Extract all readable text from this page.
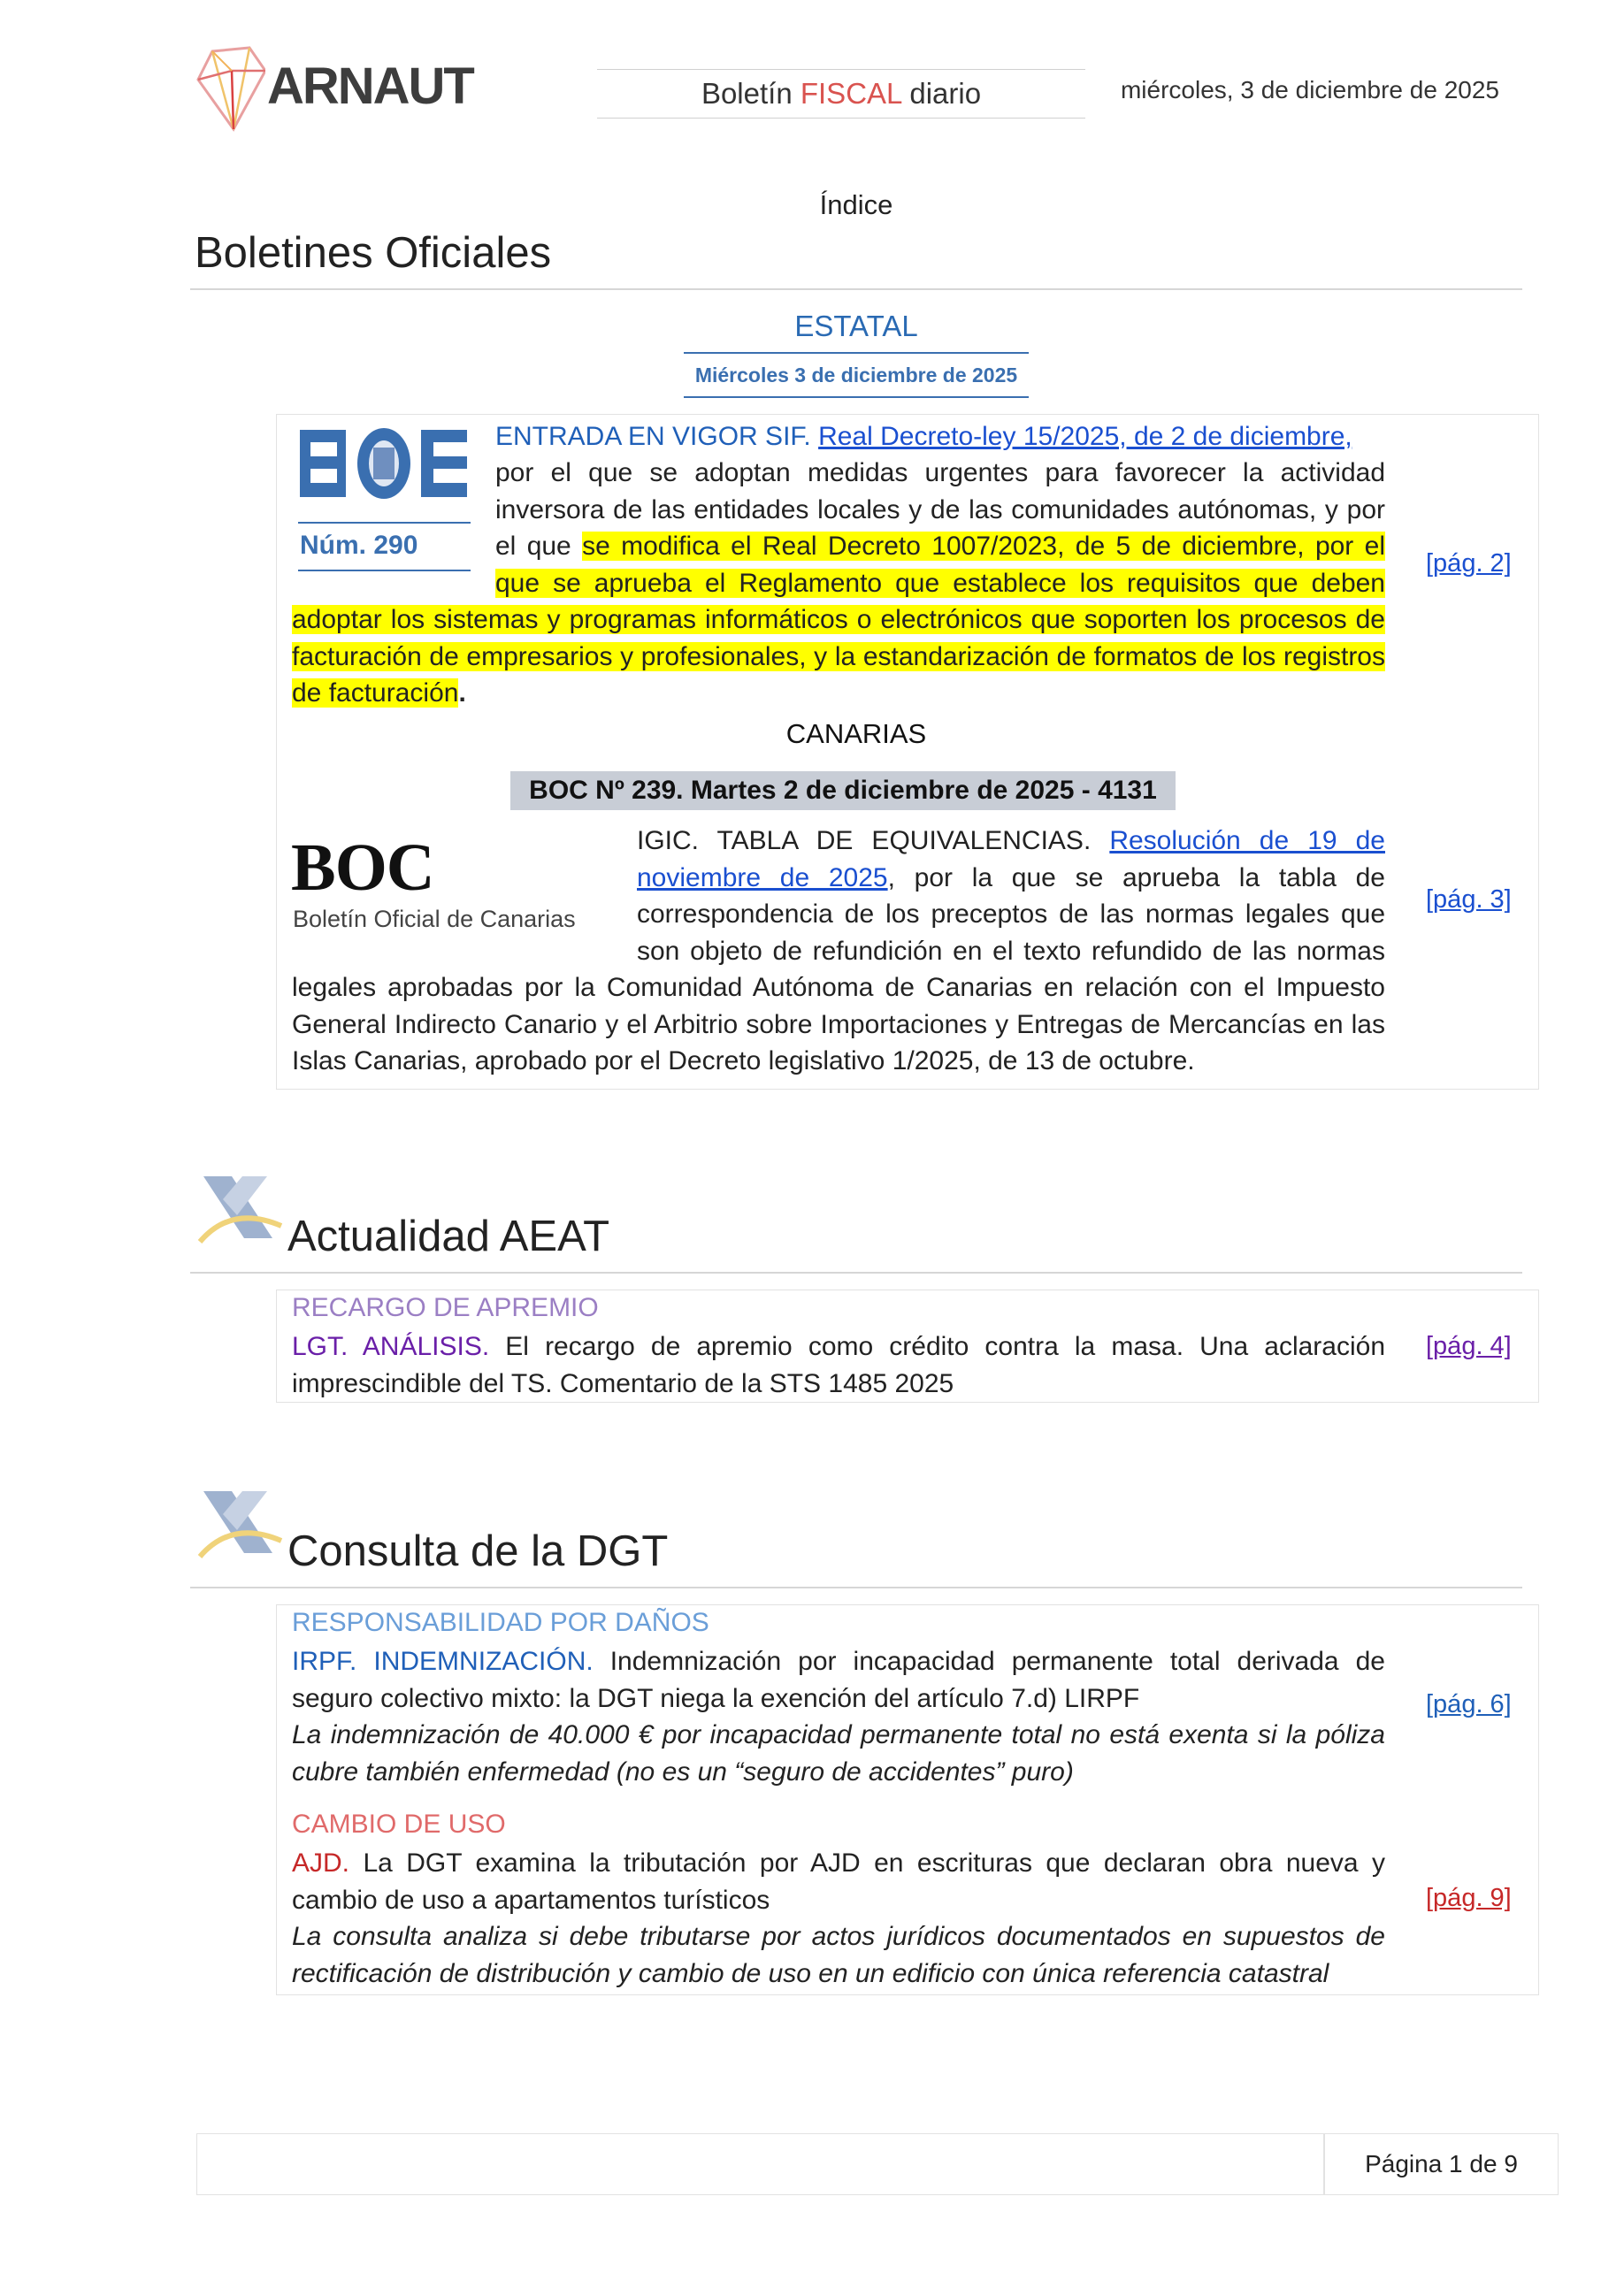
ARNAUT	Boletín FISCAL diario	miércoles, 3 de diciembre de 2025
Índice
Boletines Oficiales
ESTATAL
Miércoles 3 de diciembre de 2025
Núm. 290
ENTRADA EN VIGOR SIF. Real Decreto-ley 15/2025, de 2 de diciembre,
por el que se adoptan medidas urgentes para favorecer la actividad inversora de las entidades locales y de las comunidades autónomas, y por el que se modifica el Real Decreto 1007/2023, de 5 de diciembre, por el que se aprueba el Reglamento que establece los requisitos que deben adoptar los sistemas y programas informáticos o electrónicos que soporten los procesos de facturación de empresarios y profesionales, y la estandarización de formatos de los registros de facturación.
[pág. 2]
CANARIAS
BOC Nº 239. Martes 2 de diciembre de 2025 - 4131
BOC
Boletín Oficial de Canarias
IGIC. TABLA DE EQUIVALENCIAS. Resolución de 19 de noviembre de 2025, por la que se aprueba la tabla de correspondencia de los preceptos de las normas legales que son objeto de refundición en el texto refundido de las normas legales aprobadas por la Comunidad Autónoma de Canarias en relación con el Impuesto General Indirecto Canario y el Arbitrio sobre Importaciones y Entregas de Mercancías en las Islas Canarias, aprobado por el Decreto legislativo 1/2025, de 13 de octubre.
[pág. 3]
Actualidad AEAT
RECARGO DE APREMIO
LGT. ANÁLISIS. El recargo de apremio como crédito contra la masa. Una aclaración imprescindible del TS. Comentario de la STS 1485 2025
[pág. 4]
Consulta de la DGT
RESPONSABILIDAD POR DAÑOS
IRPF. INDEMNIZACIÓN. Indemnización por incapacidad permanente total derivada de seguro colectivo mixto: la DGT niega la exención del artículo 7.d) LIRPF
La indemnización de 40.000 € por incapacidad permanente total no está exenta si la póliza cubre también enfermedad (no es un “seguro de accidentes” puro)
[pág. 6]
CAMBIO DE USO
AJD. La DGT examina la tributación por AJD en escrituras que declaran obra nueva y cambio de uso a apartamentos turísticos
La consulta analiza si debe tributarse por actos jurídicos documentados en supuestos de rectificación de distribución y cambio de uso en un edificio con única referencia catastral
[pág. 9]
Página 1 de 9
